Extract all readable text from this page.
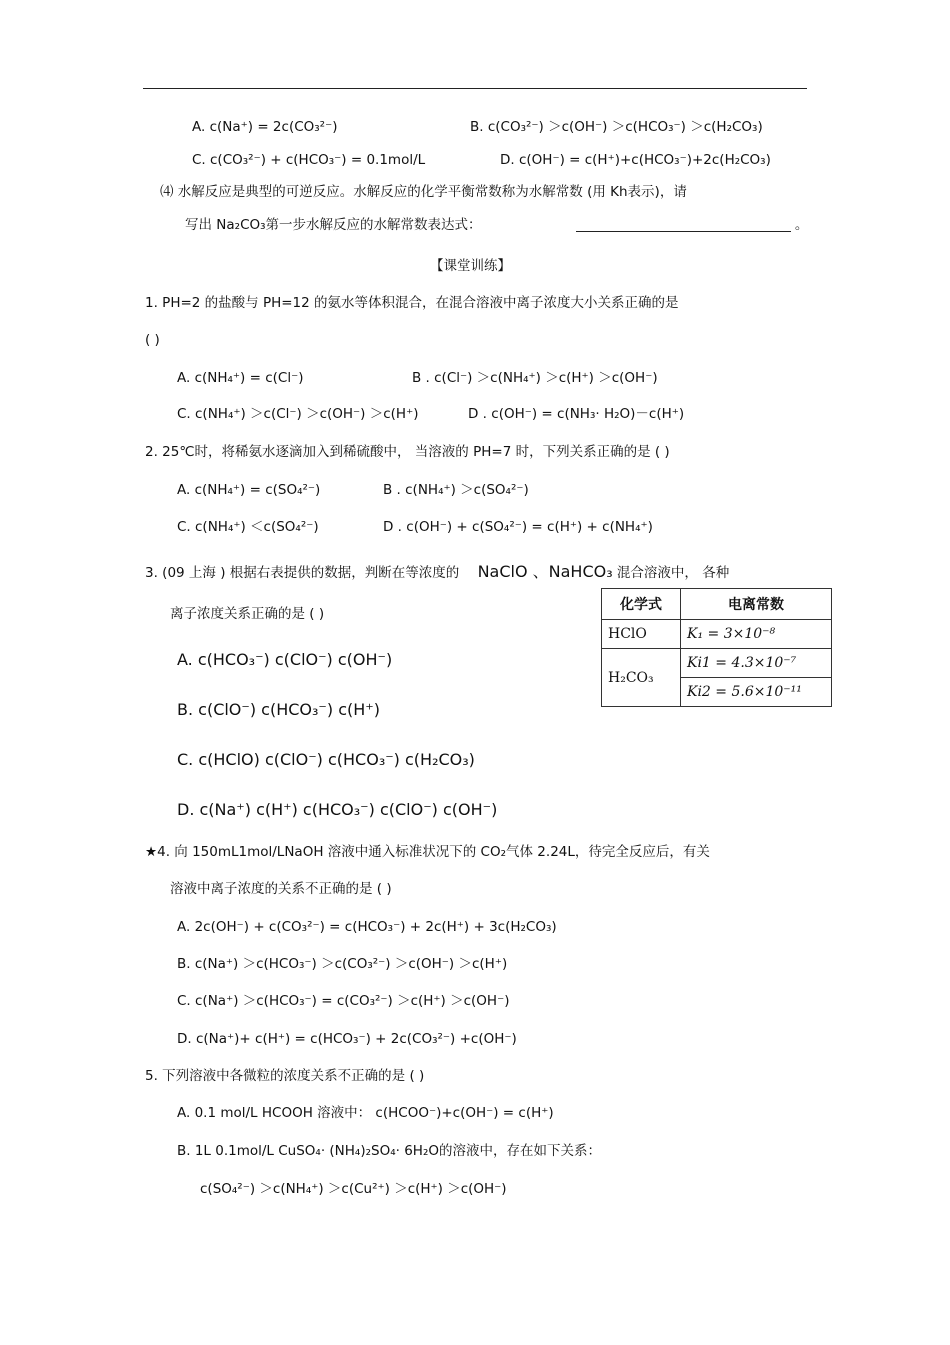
A. c(Na⁺) = 2c(CO₃²⁻)	B. c(CO₃²⁻) ＞c(OH⁻) ＞c(HCO₃⁻) ＞c(H₂CO₃)
C. c(CO₃²⁻) + c(HCO₃⁻) = 0.1mol/L	D. c(OH⁻) = c(H⁺)+c(HCO₃⁻)+2c(H₂CO₃)
⑷ 水解反应是典型的可逆反应。水解反应的化学平衡常数称为水解常数 (用 Kh表示)，请
写出 Na₂CO₃第一步水解反应的水解常数表达式：	。
【课堂训练】
1. PH=2 的盐酸与 PH=12 的氨水等体积混合，在混合溶液中离子浓度大小关系正确的是
( )
A. c(NH₄⁺) = c(Cl⁻)	B . c(Cl⁻) ＞c(NH₄⁺) ＞c(H⁺) ＞c(OH⁻)
C. c(NH₄⁺) ＞c(Cl⁻) ＞c(OH⁻) ＞c(H⁺)	D . c(OH⁻) = c(NH₃· H₂O)－c(H⁺)
2. 25℃时，将稀氨水逐滴加入到稀硫酸中， 当溶液的 PH=7 时，下列关系正确的是 ( )
A. c(NH₄⁺) = c(SO₄²⁻)	B . c(NH₄⁺) ＞c(SO₄²⁻)
C. c(NH₄⁺) ＜c(SO₄²⁻)	D . c(OH⁻) + c(SO₄²⁻) = c(H⁺) + c(NH₄⁺)
3. (09 上海 ) 根据右表提供的数据，判断在等浓度的 NaClO 、NaHCO₃ 混合溶液中， 各种
离子浓度关系正确的是 ( )
A. c(HCO₃⁻) c(ClO⁻) c(OH⁻)
B. c(ClO⁻) c(HCO₃⁻) c(H⁺)
C. c(HClO) c(ClO⁻) c(HCO₃⁻) c(H₂CO₃)
D. c(Na⁺) c(H⁺) c(HCO₃⁻) c(ClO⁻) c(OH⁻)
化学式	电离常数
HClO	K₁ = 3×10⁻⁸
H₂CO₃	Ki1 = 4.3×10⁻⁷
	Ki2 = 5.6×10⁻¹¹
★4. 向 150mL1mol/LNaOH 溶液中通入标准状况下的 CO₂气体 2.24L，待完全反应后，有关
溶液中离子浓度的关系不正确的是 ( )
A. 2c(OH⁻) + c(CO₃²⁻) = c(HCO₃⁻) + 2c(H⁺) + 3c(H₂CO₃)
B. c(Na⁺) ＞c(HCO₃⁻) ＞c(CO₃²⁻) ＞c(OH⁻) ＞c(H⁺)
C. c(Na⁺) ＞c(HCO₃⁻) = c(CO₃²⁻) ＞c(H⁺) ＞c(OH⁻)
D. c(Na⁺)+ c(H⁺) = c(HCO₃⁻) + 2c(CO₃²⁻) +c(OH⁻)
5. 下列溶液中各微粒的浓度关系不正确的是 ( )
A. 0.1 mol/L HCOOH 溶液中： c(HCOO⁻)+c(OH⁻) = c(H⁺)
B. 1L 0.1mol/L CuSO₄· (NH₄)₂SO₄· 6H₂O的溶液中，存在如下关系：
c(SO₄²⁻) ＞c(NH₄⁺) ＞c(Cu²⁺) ＞c(H⁺) ＞c(OH⁻)
